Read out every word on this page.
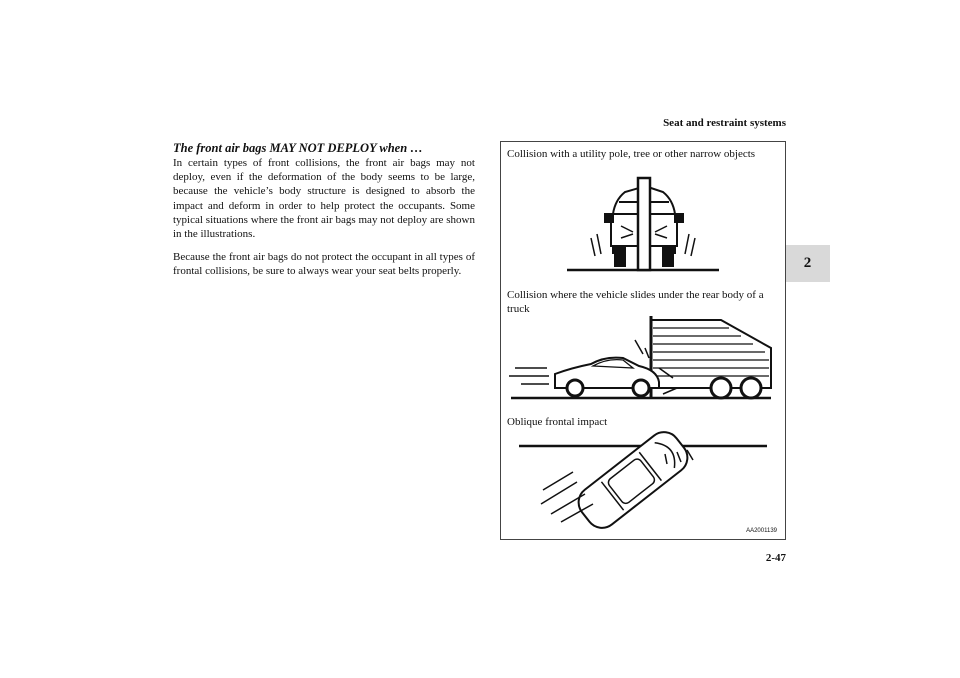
Seat and restraint systems
2
The front air bags MAY NOT DEPLOY when …

In certain types of front collisions, the front air bags may not deploy, even if the deformation of the body seems to be large, because the vehicle’s body structure is designed to absorb the impact and deform in order to help protect the occupants. Some typical situations where the front air bags may not deploy are shown in the illustrations.

Because the front air bags do not protect the occupant in all types of frontal collisions, be sure to always wear your seat belts properly.

Collision with a utility pole, tree or other narrow objects
Collision where the vehicle slides under the rear body of a truck
Oblique frontal impact
AA2001139
2-47
